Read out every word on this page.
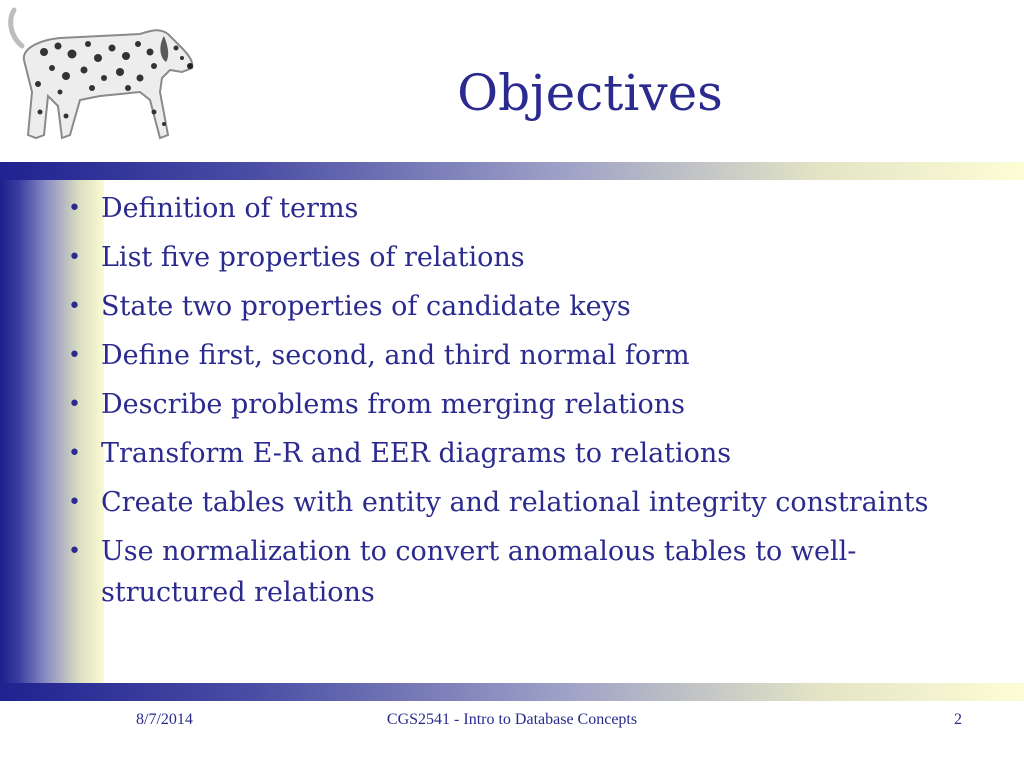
Objectives
• Definition of terms
• List five properties of relations
• State two properties of candidate keys
• Define first, second, and third normal form
• Describe problems from merging relations
• Transform E-R and EER diagrams to relations
• Create tables with entity and relational integrity constraints
• Use normalization to convert anomalous tables to well-structured relations
8/7/2014	CGS2541 - Intro to Database Concepts	2
